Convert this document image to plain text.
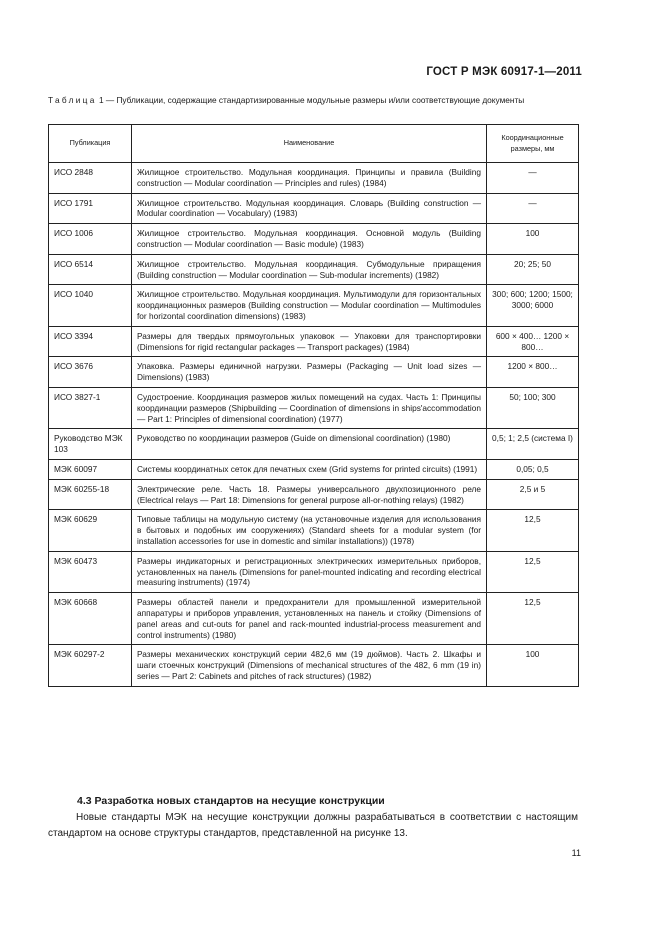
ГОСТ Р МЭК 60917-1—2011
Таблица 1 — Публикации, содержащие стандартизированные модульные размеры и/или соответствующие документы
Публикация	Наименование	Координационные размеры, мм
ИСО 2848	Жилищное строительство. Модульная координация. Принципы и правила (Building construction — Modular coordination — Principles and rules) (1984)	—
ИСО 1791	Жилищное строительство. Модульная координация. Словарь (Building construction — Modular coordination — Vocabulary) (1983)	—
ИСО 1006	Жилищное строительство. Модульная координация. Основной модуль (Building construction — Modular coordination — Basic module) (1983)	100
ИСО 6514	Жилищное строительство. Модульная координация. Субмодульные приращения (Building construction — Modular coordination — Sub-modular increments) (1982)	20; 25; 50
ИСО 1040	Жилищное строительство. Модульная координация. Мультимодули для горизонтальных координационных размеров (Building construction — Modular coordination — Multimodules for horizontal coordination dimensions) (1983)	300; 600; 1200; 1500; 3000; 6000
ИСО 3394	Размеры для твердых прямоугольных упаковок — Упаковки для транспортировки (Dimensions for rigid rectangular packages — Transport packages) (1984)	600 × 400… 1200 × 800…
ИСО 3676	Упаковка. Размеры единичной нагрузки. Размеры (Packaging — Unit load sizes — Dimensions) (1983)	1200 × 800…
ИСО 3827-1	Судостроение. Координация размеров жилых помещений на судах. Часть 1: Принципы координации размеров (Shipbuilding — Coordination of dimensions in ships'accommodation — Part 1: Principles of dimensional coordination) (1977)	50; 100; 300
Руководство МЭК 103	Руководство по координации размеров (Guide on dimensional coordination) (1980)	0,5; 1; 2,5 (система I)
МЭК 60097	Системы координатных сеток для печатных схем (Grid systems for printed circuits) (1991)	0,05; 0,5
МЭК 60255-18	Электрические реле. Часть 18. Размеры универсального двухпозиционного реле (Electrical relays — Part 18: Dimensions for general purpose all-or-nothing relays) (1982)	2,5 и 5
МЭК 60629	Типовые таблицы на модульную систему (на установочные изделия для использования в бытовых и подобных им сооружениях) (Standard sheets for a modular system (for installation accessories for use in domestic and similar installations)) (1978)	12,5
МЭК 60473	Размеры индикаторных и регистрационных электрических измерительных приборов, установленных на панель (Dimensions for panel-mounted indicating and recording electrical measuring instruments) (1974)	12,5
МЭК 60668	Размеры областей панели и предохранители для промышленной измерительной аппаратуры и приборов управления, установленных на панель и стойку (Dimensions of panel areas and cut-outs for panel and rack-mounted industrial-process measurement and control instruments) (1980)	12,5
МЭК 60297-2	Размеры механических конструкций серии 482,6 мм (19 дюймов). Часть 2. Шкафы и шаги стоечных конструкций (Dimensions of mechanical structures of the 482, 6 mm (19 in) series — Part 2: Cabinets and pitches of rack structures) (1982)	100
4.3 Разработка новых стандартов на несущие конструкции
Новые стандарты МЭК на несущие конструкции должны разрабатываться в соответствии с настоящим стандартом на основе структуры стандартов, представленной на рисунке 13.
11
